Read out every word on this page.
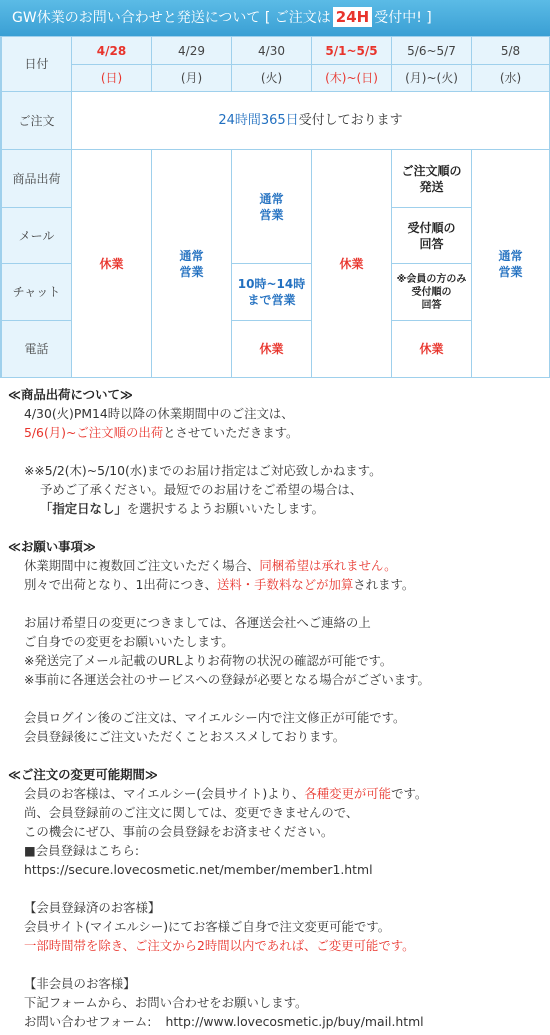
GW休業のお問い合わせと発送について [ ご注文は 24H 受付中! ]
日付
4/28
(日)
4/29
(月)
4/30
(火)
5/1~5/5
(木)~(日)
5/6~5/7
(月)~(火)
5/8
(水)
ご注文	24時間365日 受付しております
商品出荷
メール
チャット
電話
休業
通常
営業
通常
営業
10時~14時
まで営業
休業
休業
ご注文順の
発送
受付順の
回答
※会員の方のみ
受付順の
回答
休業
通常
営業
≪商品出荷について≫
4/30(火)PM14時以降の休業期間中のご注文は、
5/6(月)~ご注文順の出荷とさせていただきます。
※※5/2(木)~5/10(水)までのお届け指定はご対応致しかねます。
予めご了承ください。最短でのお届けをご希望の場合は、
「指定日なし」を選択するようお願いいたします。
≪お願い事項≫
休業期間中に複数回ご注文いただく場合、同梱希望は承れません。
別々で出荷となり、1出荷につき、送料・手数料などが加算されます。
お届け希望日の変更につきましては、各運送会社へご連絡の上
ご自身での変更をお願いいたします。
※発送完了メール記載のURLよりお荷物の状況の確認が可能です。
※事前に各運送会社のサービスへの登録が必要となる場合がございます。
会員ログイン後のご注文は、マイエルシー内で注文修正が可能です。
会員登録後にご注文いただくことおススメしております。
≪ご注文の変更可能期間≫
会員のお客様は、マイエルシー(会員サイト)より、各種変更が可能です。
尚、会員登録前のご注文に関しては、変更できませんので、
この機会にぜひ、事前の会員登録をお済ませください。
■会員登録はこちら:
https://secure.lovecosmetic.net/member/member1.html
【会員登録済のお客様】
会員サイト(マイエルシー)にてお客様ご自身で注文変更可能です。
一部時間帯を除き、ご注文から2時間以内であれば、ご変更可能です。
【非会員のお客様】
下記フォームから、お問い合わせをお願いします。
お問い合わせフォーム: http://www.lovecosmetic.jp/buy/mail.html
